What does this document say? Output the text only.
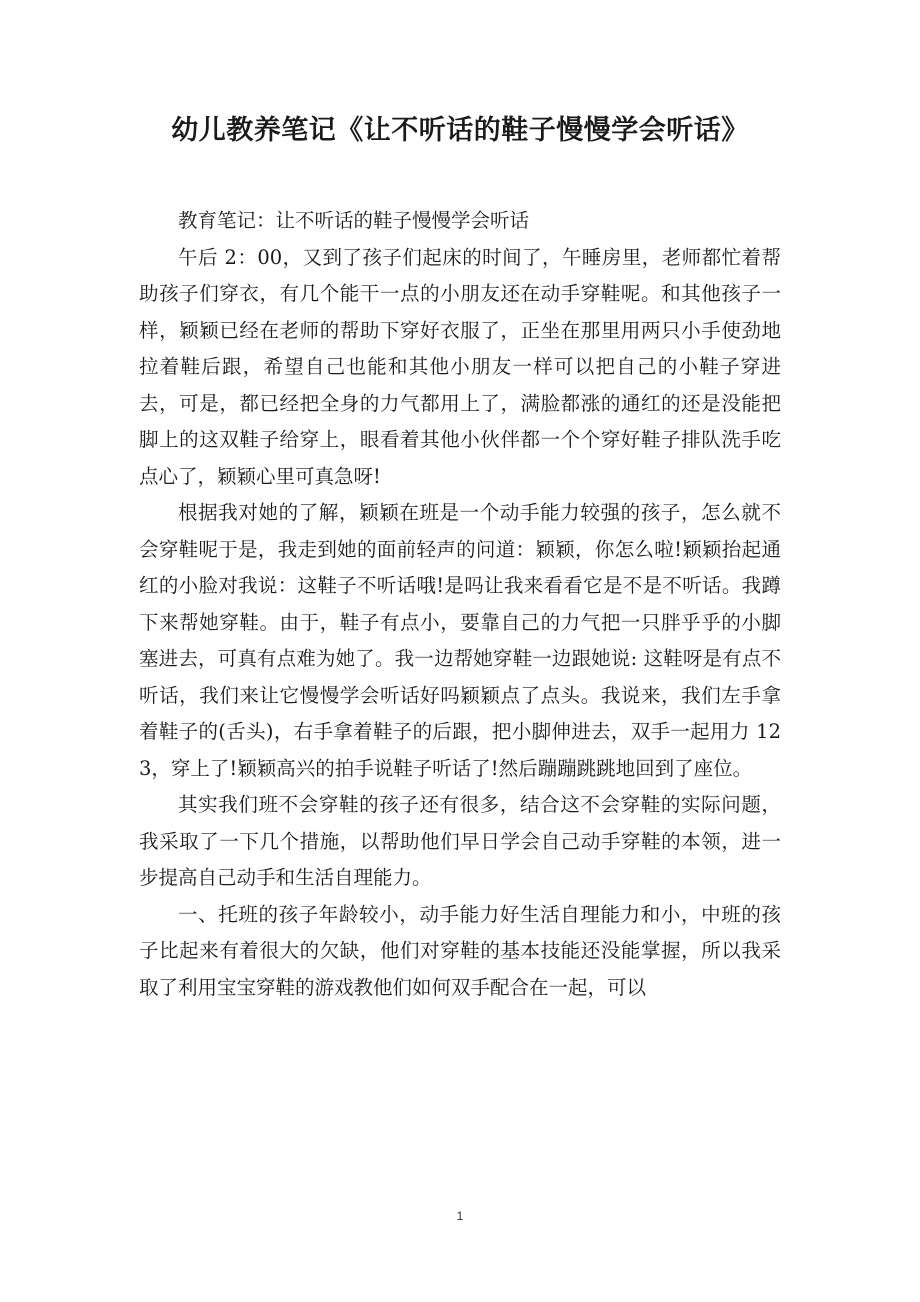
幼儿教养笔记《让不听话的鞋子慢慢学会听话》

教育笔记：让不听话的鞋子慢慢学会听话

午后 2：00，又到了孩子们起床的时间了，午睡房里，老师都忙着帮助孩子们穿衣，有几个能干一点的小朋友还在动手穿鞋呢。和其他孩子一样，颖颖已经在老师的帮助下穿好衣服了，正坐在那里用两只小手使劲地拉着鞋后跟，希望自己也能和其他小朋友一样可以把自己的小鞋子穿进去，可是，都已经把全身的力气都用上了，满脸都涨的通红的还是没能把脚上的这双鞋子给穿上，眼看着其他小伙伴都一个个穿好鞋子排队洗手吃点心了，颖颖心里可真急呀!

根据我对她的了解，颖颖在班是一个动手能力较强的孩子，怎么就不会穿鞋呢于是，我走到她的面前轻声的问道：颖颖，你怎么啦!颖颖抬起通红的小脸对我说：这鞋子不听话哦!是吗让我来看看它是不是不听话。我蹲下来帮她穿鞋。由于，鞋子有点小，要靠自己的力气把一只胖乎乎的小脚塞进去，可真有点难为她了。我一边帮她穿鞋一边跟她说: 这鞋呀是有点不听话，我们来让它慢慢学会听话好吗颖颖点了点头。我说来，我们左手拿着鞋子的(舌头)，右手拿着鞋子的后跟，把小脚伸进去，双手一起用力 123，穿上了!颖颖高兴的拍手说鞋子听话了!然后蹦蹦跳跳地回到了座位。

其实我们班不会穿鞋的孩子还有很多，结合这不会穿鞋的实际问题，我采取了一下几个措施，以帮助他们早日学会自己动手穿鞋的本领，进一步提高自己动手和生活自理能力。

一、托班的孩子年龄较小，动手能力好生活自理能力和小，中班的孩子比起来有着很大的欠缺，他们对穿鞋的基本技能还没能掌握，所以我采取了利用宝宝穿鞋的游戏教他们如何双手配合在一起，可以

1
